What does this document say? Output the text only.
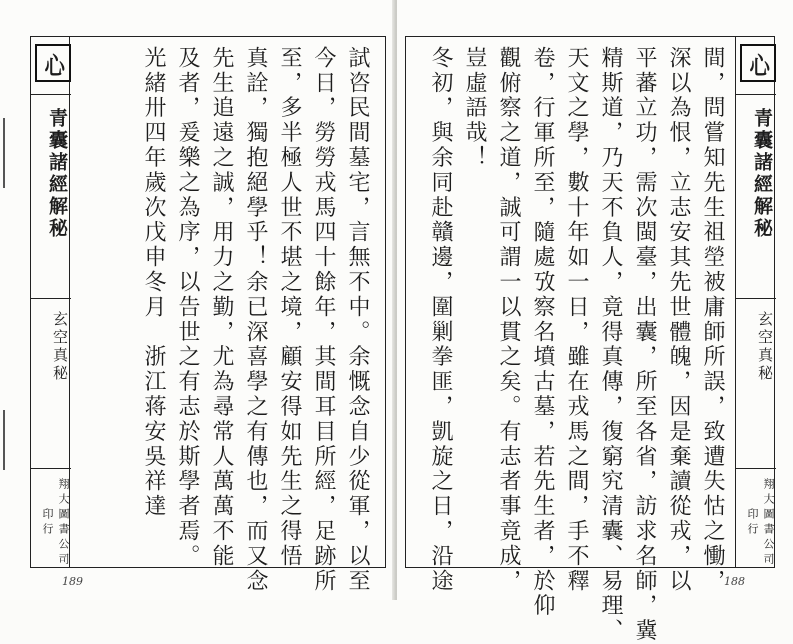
心
青囊諸經解秘
玄空真秘
翔大圖書公司印行	試咨民間墓宅，言無不中。余慨念自少從軍，以至
今日，勞勞戎馬四十餘年，其間耳目所經，足跡所
至，多半極人世不堪之境，顧安得如先生之得悟
真詮，獨抱絕學乎！余已深喜學之有傳也，而又念
先生追遠之誠，用力之勤，尤為尋常人萬萬不能
及者，爰樂之為序，以告世之有志於斯學者焉。
光緒卅四年歲次戊申冬月　浙江蒋安吳祥達
189	間，問嘗知先生祖塋被庸師所誤，致遭失怙之慟，
深以為恨，立志安其先世體魄，因是棄讀從戎，以
平蕃立功，需次閩臺，出囊，所至各省，訪求名師，冀
精斯道，乃天不負人，竟得真傳，復窮究清囊、易理、
天文之學，數十年如一日，雖在戎馬之間，手不釋
卷，行軍所至，隨處攷察名墳古墓，若先生者，於仰
觀俯察之道，誠可謂一以貫之矣。有志者事竟成，
豈虛語哉！
冬初，與余同赴贛邊，圍剿拳匪，凱旋之日，沿途	心
青囊諸經解秘
玄空真秘
翔大圖書公司印行
188
